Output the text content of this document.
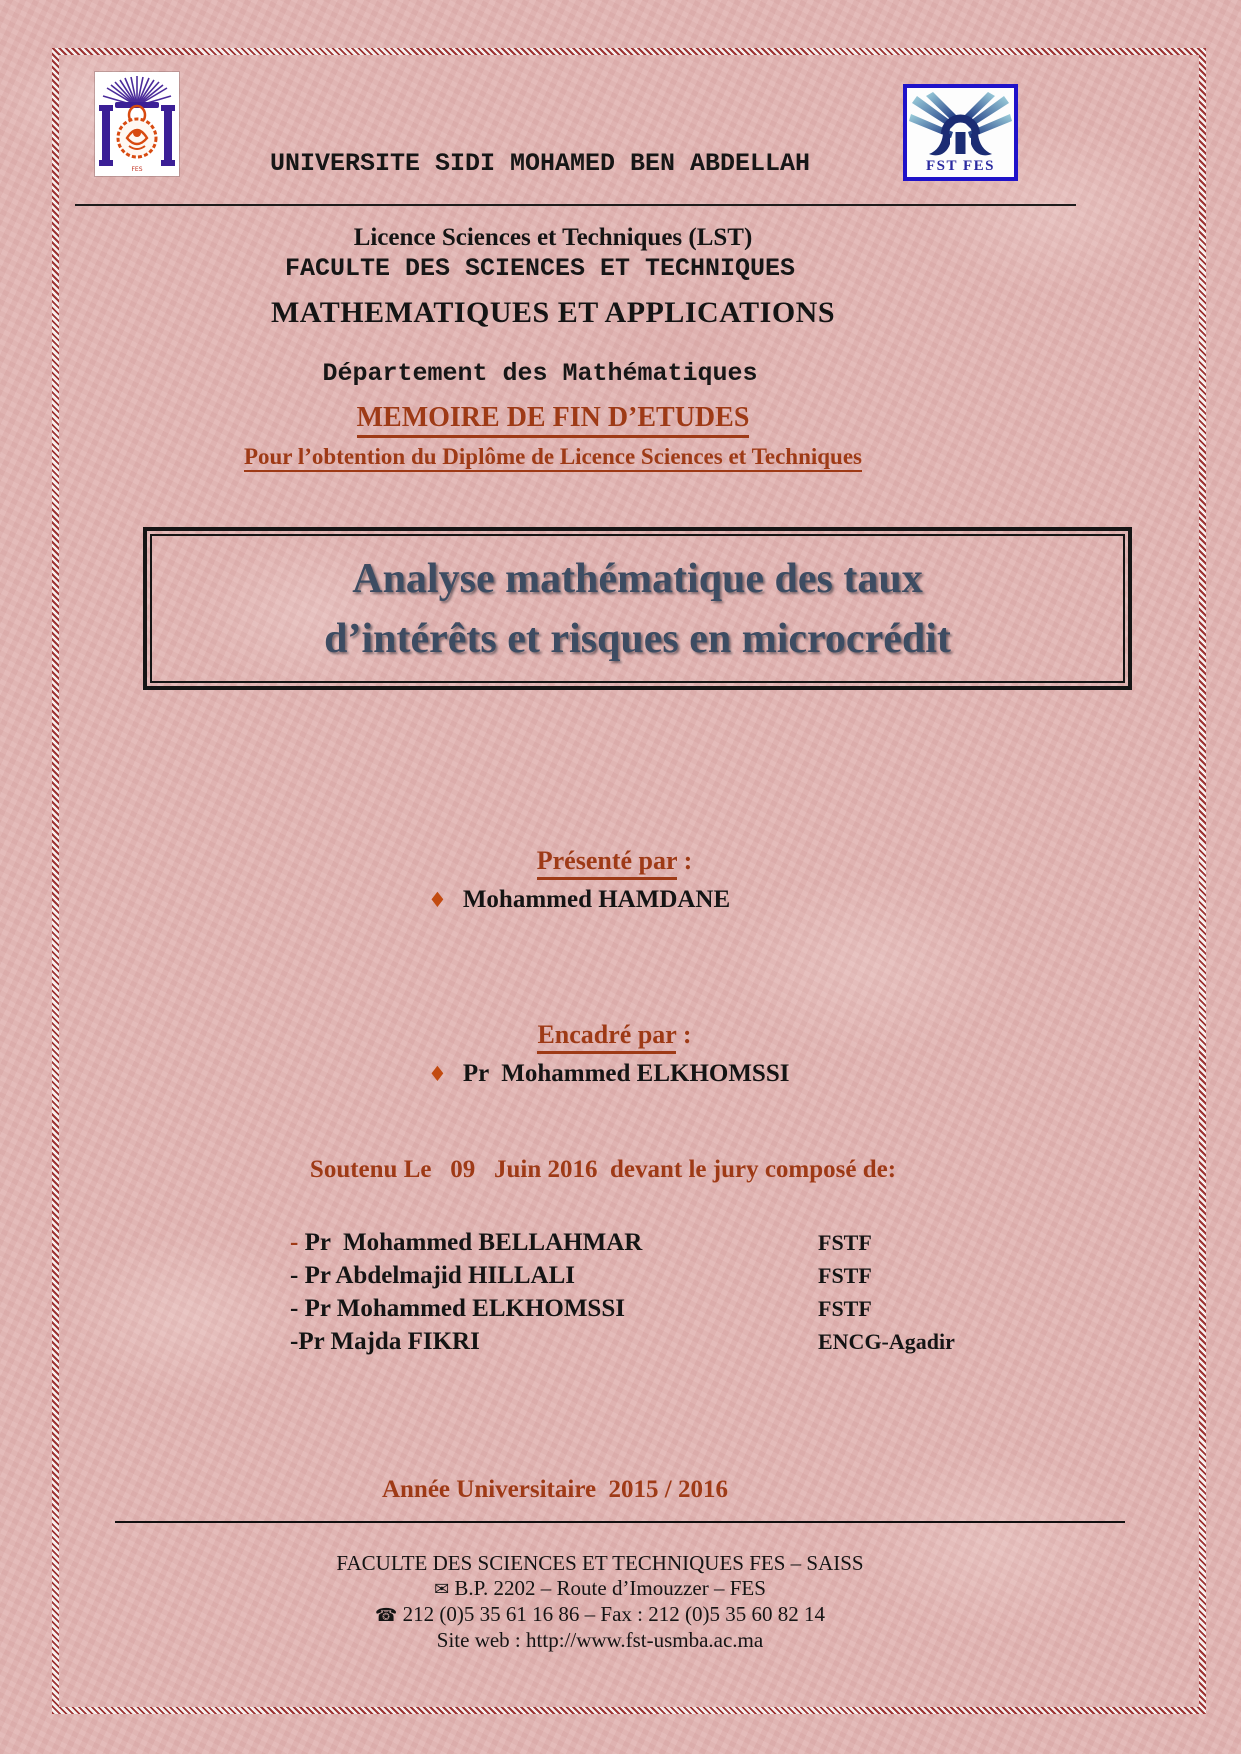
FES

	UNIVERSITE SIDI MOHAMED BEN ABDELLAH

FACULTE DES SCIENCES ET TECHNIQUES

Département des Mathématiques

FST FES
Licence Sciences et Techniques (LST)
MATHEMATIQUES ET APPLICATIONS
MEMOIRE DE FIN D’ETUDES
Pour l’obtention du Diplôme de Licence Sciences et Techniques
Analyse mathématique des taux
d’intérêts et risques en microcrédit

Présenté par :

♦ Mohammed HAMDANE

Encadré par :

♦ Pr  Mohammed ELKHOMSSI
Soutenu Le   09   Juin 2016  devant le jury composé de:
- Pr  Mohammed BELLAHMAR	FSTF
- Pr Abdelmajid HILLALI	FSTF
- Pr Mohammed ELKHOMSSI	FSTF
-Pr Majda FIKRI	ENCG-Agadir
Année Universitaire  2015 / 2016
FACULTE DES SCIENCES ET TECHNIQUES FES – SAISS
✉ B.P. 2202 – Route d’Imouzzer – FES
☎ 212 (0)5 35 61 16 86 – Fax : 212 (0)5 35 60 82 14
Site web : http://www.fst-usmba.ac.ma
